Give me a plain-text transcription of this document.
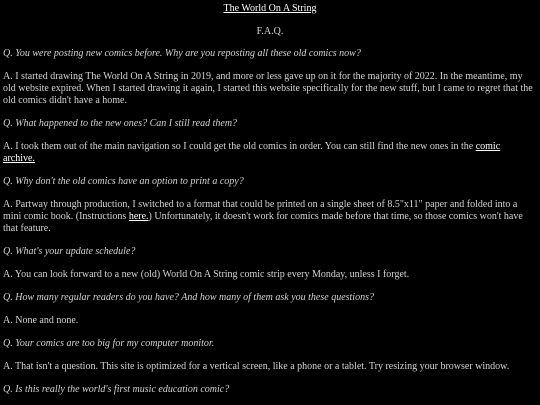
The World On A String
F.A.Q.
Q. You were posting new comics before. Why are you reposting all these old comics now?
A. I started drawing The World On A String in 2019, and more or less gave up on it for the majority of 2022. In the meantime, my old website expired. When I started drawing it again, I started this website specifically for the new stuff, but I came to regret that the old comics didn't have a home.
Q. What happened to the new ones? Can I still read them?
A. I took them out of the main navigation so I could get the old comics in order. You can still find the new ones in the comic archive.
Q. Why don't the old comics have an option to print a copy?
A. Partway through production, I switched to a format that could be printed on a single sheet of 8.5"x11" paper and folded into a mini comic book. (Instructions here.) Unfortunately, it doesn't work for comics made before that time, so those comics won't have that feature.
Q. What's your update schedule?
A. You can look forward to a new (old) World On A String comic strip every Monday, unless I forget.
Q. How many regular readers do you have? And how many of them ask you these questions?
A. None and none.
Q. Your comics are too big for my computer monitor.
A. That isn't a question. This site is optimized for a vertical screen, like a phone or a tablet. Try resizing your browser window.
Q. Is this really the world's first music education comic?
